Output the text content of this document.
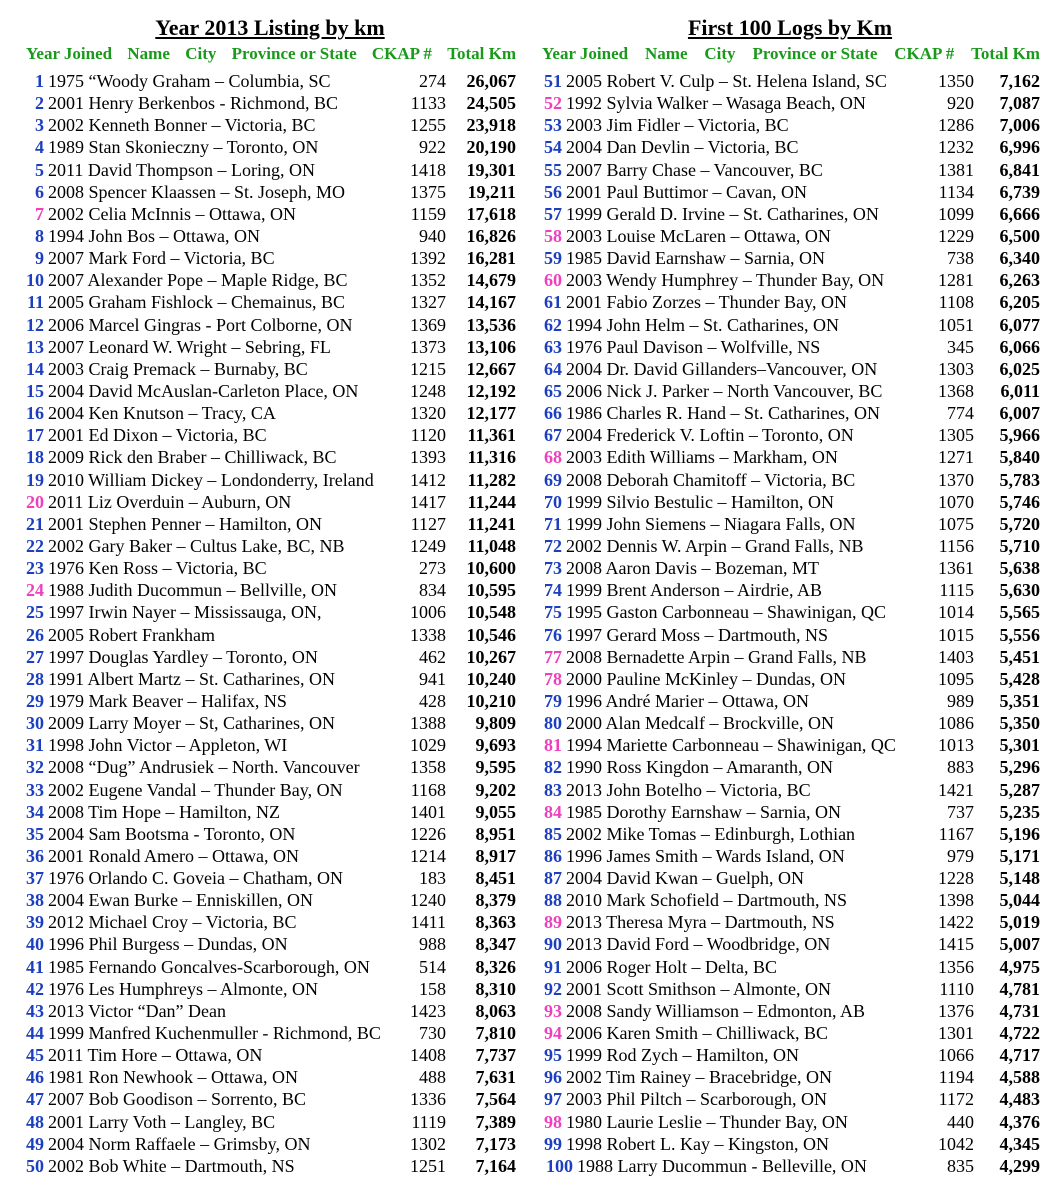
Year 2013 Listing by km
Year Joined Name City Province or State CKAP # Total Km
1 1975 “Woody Graham – Columbia, SC	274	26,067
2 2001 Henry Berkenbos - Richmond, BC	1133	24,505
3 2002 Kenneth Bonner – Victoria, BC	1255	23,918
4 1989 Stan Skonieczny – Toronto, ON	922	20,190
5 2011 David Thompson – Loring, ON	1418	19,301
6 2008 Spencer Klaassen – St. Joseph, MO	1375	19,211
7 2002 Celia McInnis – Ottawa, ON	1159	17,618
8 1994 John Bos – Ottawa, ON	940	16,826
9 2007 Mark Ford – Victoria, BC	1392	16,281
10 2007 Alexander Pope – Maple Ridge, BC	1352	14,679
11 2005 Graham Fishlock – Chemainus, BC	1327	14,167
12 2006 Marcel Gingras - Port Colborne, ON	1369	13,536
13 2007 Leonard W. Wright – Sebring, FL	1373	13,106
14 2003 Craig Premack – Burnaby, BC	1215	12,667
15 2004 David McAuslan-Carleton Place, ON	1248	12,192
16 2004 Ken Knutson – Tracy, CA	1320	12,177
17 2001 Ed Dixon – Victoria, BC	1120	11,361
18 2009 Rick den Braber – Chilliwack, BC	1393	11,316
19 2010 William Dickey – Londonderry, Ireland	1412	11,282
20 2011 Liz Overduin – Auburn, ON	1417	11,244
21 2001 Stephen Penner – Hamilton, ON	1127	11,241
22 2002 Gary Baker – Cultus Lake, BC, NB	1249	11,048
23 1976 Ken Ross – Victoria, BC	273	10,600
24 1988 Judith Ducommun – Bellville, ON	834	10,595
25 1997 Irwin Nayer – Mississauga, ON,	1006	10,548
26 2005 Robert Frankham	1338	10,546
27 1997 Douglas Yardley – Toronto, ON	462	10,267
28 1991 Albert Martz – St. Catharines, ON	941	10,240
29 1979 Mark Beaver – Halifax, NS	428	10,210
30 2009 Larry Moyer – St, Catharines, ON	1388	9,809
31 1998 John Victor – Appleton, WI	1029	9,693
32 2008 “Dug” Andrusiek – North. Vancouver	1358	9,595
33 2002 Eugene Vandal – Thunder Bay, ON	1168	9,202
34 2008 Tim Hope – Hamilton, NZ	1401	9,055
35 2004 Sam Bootsma - Toronto, ON	1226	8,951
36 2001 Ronald Amero – Ottawa, ON	1214	8,917
37 1976 Orlando C. Goveia – Chatham, ON	183	8,451
38 2004 Ewan Burke – Enniskillen, ON	1240	8,379
39 2012 Michael Croy – Victoria, BC	1411	8,363
40 1996 Phil Burgess – Dundas, ON	988	8,347
41 1985 Fernando Goncalves-Scarborough, ON	514	8,326
42 1976 Les Humphreys – Almonte, ON	158	8,310
43 2013 Victor “Dan” Dean	1423	8,063
44 1999 Manfred Kuchenmuller - Richmond, BC	730	7,810
45 2011 Tim Hore – Ottawa, ON	1408	7,737
46 1981 Ron Newhook – Ottawa, ON	488	7,631
47 2007 Bob Goodison – Sorrento, BC	1336	7,564
48 2001 Larry Voth – Langley, BC	1119	7,389
49 2004 Norm Raffaele – Grimsby, ON	1302	7,173
50 2002 Bob White – Dartmouth, NS	1251	7,164
First 100 Logs by Km
Year Joined Name City Province or State CKAP # Total Km
51 2005 Robert V. Culp – St. Helena Island, SC	1350	7,162
52 1992 Sylvia Walker – Wasaga Beach, ON	920	7,087
53 2003 Jim Fidler – Victoria, BC	1286	7,006
54 2004 Dan Devlin – Victoria, BC	1232	6,996
55 2007 Barry Chase – Vancouver, BC	1381	6,841
56 2001 Paul Buttimor – Cavan, ON	1134	6,739
57 1999 Gerald D. Irvine – St. Catharines, ON	1099	6,666
58 2003 Louise McLaren – Ottawa, ON	1229	6,500
59 1985 David Earnshaw – Sarnia, ON	738	6,340
60 2003 Wendy Humphrey – Thunder Bay, ON	1281	6,263
61 2001 Fabio Zorzes – Thunder Bay, ON	1108	6,205
62 1994 John Helm – St. Catharines, ON	1051	6,077
63 1976 Paul Davison – Wolfville, NS	345	6,066
64 2004 Dr. David Gillanders–Vancouver, ON	1303	6,025
65 2006 Nick J. Parker – North Vancouver, BC	1368	6,011
66 1986 Charles R. Hand – St. Catharines, ON	774	6,007
67 2004 Frederick V. Loftin – Toronto, ON	1305	5,966
68 2003 Edith Williams – Markham, ON	1271	5,840
69 2008 Deborah Chamitoff – Victoria, BC	1370	5,783
70 1999 Silvio Bestulic – Hamilton, ON	1070	5,746
71 1999 John Siemens – Niagara Falls, ON	1075	5,720
72 2002 Dennis W. Arpin – Grand Falls, NB	1156	5,710
73 2008 Aaron Davis – Bozeman, MT	1361	5,638
74 1999 Brent Anderson – Airdrie, AB	1115	5,630
75 1995 Gaston Carbonneau – Shawinigan, QC	1014	5,565
76 1997 Gerard Moss – Dartmouth, NS	1015	5,556
77 2008 Bernadette Arpin – Grand Falls, NB	1403	5,451
78 2000 Pauline McKinley – Dundas, ON	1095	5,428
79 1996 André Marier – Ottawa, ON	989	5,351
80 2000 Alan Medcalf – Brockville, ON	1086	5,350
81 1994 Mariette Carbonneau – Shawinigan, QC	1013	5,301
82 1990 Ross Kingdon – Amaranth, ON	883	5,296
83 2013 John Botelho – Victoria, BC	1421	5,287
84 1985 Dorothy Earnshaw – Sarnia, ON	737	5,235
85 2002 Mike Tomas – Edinburgh, Lothian	1167	5,196
86 1996 James Smith – Wards Island, ON	979	5,171
87 2004 David Kwan – Guelph, ON	1228	5,148
88 2010 Mark Schofield – Dartmouth, NS	1398	5,044
89 2013 Theresa Myra – Dartmouth, NS	1422	5,019
90 2013 David Ford – Woodbridge, ON	1415	5,007
91 2006 Roger Holt – Delta, BC	1356	4,975
92 2001 Scott Smithson – Almonte, ON	1110	4,781
93 2008 Sandy Williamson – Edmonton, AB	1376	4,731
94 2006 Karen Smith – Chilliwack, BC	1301	4,722
95 1999 Rod Zych – Hamilton, ON	1066	4,717
96 2002 Tim Rainey – Bracebridge, ON	1194	4,588
97 2003 Phil Piltch – Scarborough, ON	1172	4,483
98 1980 Laurie Leslie – Thunder Bay, ON	440	4,376
99 1998 Robert L. Kay – Kingston, ON	1042	4,345
100 1988 Larry Ducommun - Belleville, ON	835	4,299
